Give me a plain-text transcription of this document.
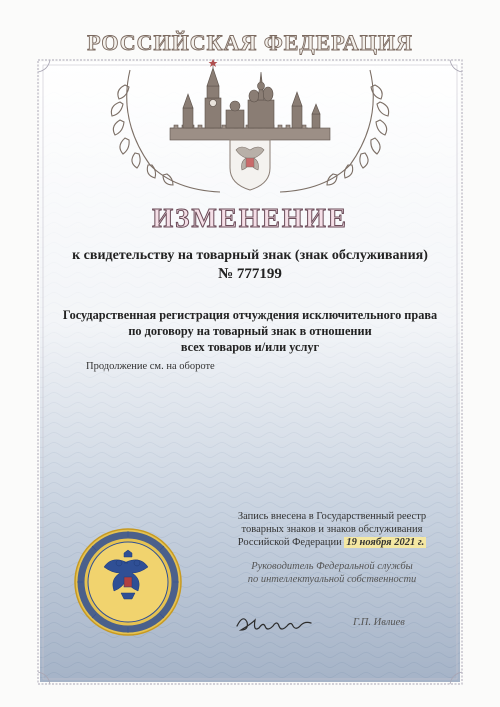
РОССИЙСКАЯ ФЕДЕРАЦИЯ
ИЗМЕНЕНИЕ
к свидетельству на товарный знак (знак обслуживания)
№ 777199
Государственная регистрация отчуждения исключительного права
по договору на товарный знак в отношении
всех товаров и/или услуг
Продолжение см. на обороте
Запись внесена в Государственный реестр
товарных знаков и знаков обслуживания
Российской Федерации 19 ноября 2021 г.
Руководитель Федеральной службы
по интеллектуальной собственности
Г.П. Ивлиев
